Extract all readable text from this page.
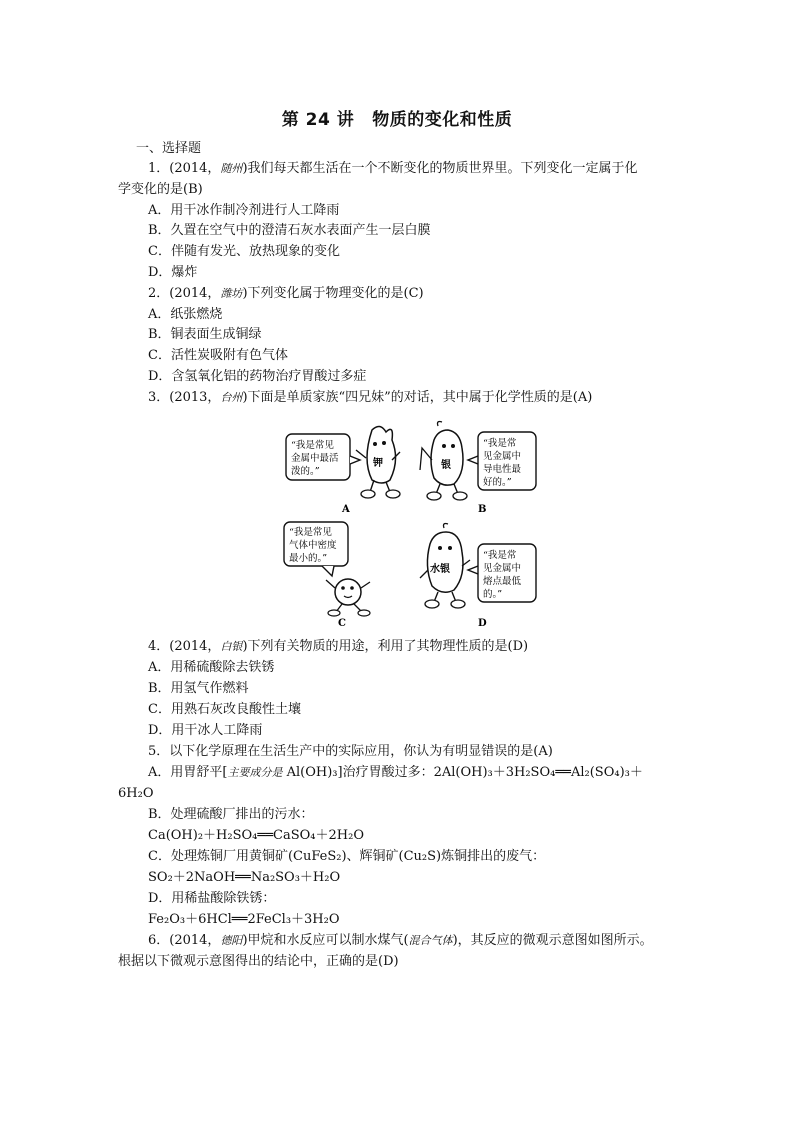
第 24 讲 物质的变化和性质
一、选择题
1．(2014，随州)我们每天都生活在一个不断变化的物质世界里。下列变化一定属于化
学变化的是(B)
A．用干冰作制冷剂进行人工降雨
B．久置在空气中的澄清石灰水表面产生一层白膜
C．伴随有发光、放热现象的变化
D．爆炸
2．(2014，潍坊)下列变化属于物理变化的是(C)
A．纸张燃烧
B．铜表面生成铜绿
C．活性炭吸附有色气体
D．含氢氧化铝的药物治疗胃酸过多症
3．(2013，台州)下面是单质家族“四兄妹”的对话，其中属于化学性质的是(A)
“我是常见
金属中最活
泼的。”
钾
A
银
“我是常
见金属中
导电性最
好的。”
B
“我是常见
气体中密度
最小的。”
C
水银
“我是常
见金属中
熔点最低
的。”
D
4．(2014，白银)下列有关物质的用途，利用了其物理性质的是(D)
A．用稀硫酸除去铁锈
B．用氢气作燃料
C．用熟石灰改良酸性土壤
D．用干冰人工降雨
5．以下化学原理在生活生产中的实际应用，你认为有明显错误的是(A)
A．用胃舒平[主要成分是 Al(OH)₃]治疗胃酸过多：2Al(OH)₃＋3H₂SO₄══Al₂(SO₄)₃＋
6H₂O
B．处理硫酸厂排出的污水：
Ca(OH)₂＋H₂SO₄══CaSO₄＋2H₂O
C．处理炼铜厂用黄铜矿(CuFeS₂)、辉铜矿(Cu₂S)炼铜排出的废气：
SO₂＋2NaOH══Na₂SO₃＋H₂O
D．用稀盐酸除铁锈：
Fe₂O₃＋6HCl══2FeCl₃＋3H₂O
6．(2014，德阳)甲烷和水反应可以制水煤气(混合气体)，其反应的微观示意图如图所示。
根据以下微观示意图得出的结论中，正确的是(D)
